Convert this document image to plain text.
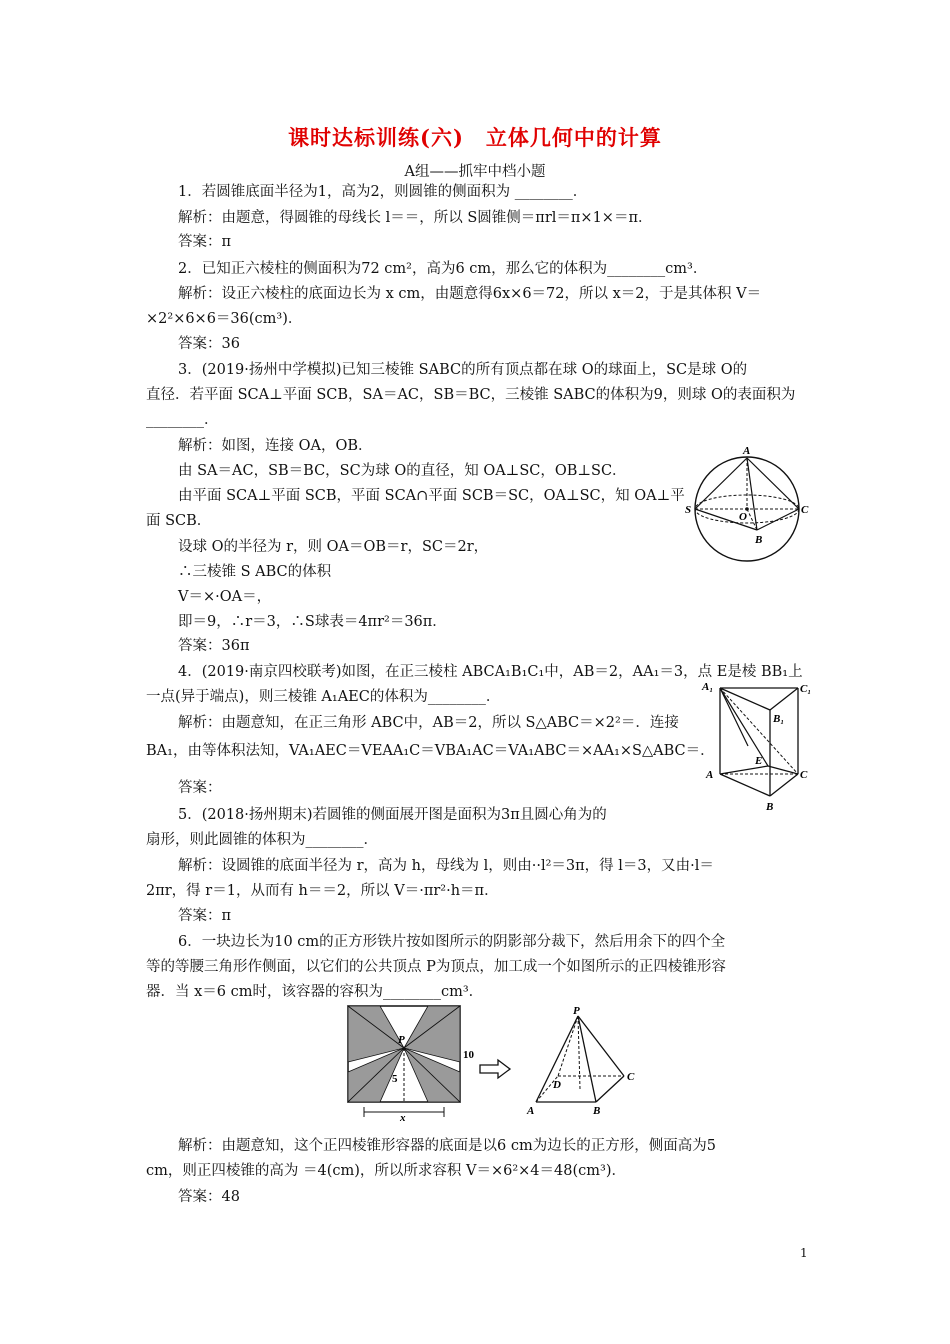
课时达标训练(六)　立体几何中的计算
A组——抓牢中档小题
1．若圆锥底面半径为1，高为2，则圆锥的侧面积为 ________．
解析：由题意，得圆锥的母线长 l＝＝，所以 S圆锥侧＝πrl＝π×1×＝π．
答案：π
2．已知正六棱柱的侧面积为72 cm²，高为6 cm，那么它的体积为________cm³．
解析：设正六棱柱的底面边长为 x cm，由题意得6x×6＝72，所以 x＝2，于是其体积 V＝
×2²×6×6＝36(cm³)．
答案：36
3．(2019·扬州中学模拟)已知三棱锥 SABC的所有顶点都在球 O的球面上，SC是球 O的
直径．若平面 SCA⊥平面 SCB，SA＝AC，SB＝BC，三棱锥 SABC的体积为9，则球 O的表面积为
________．
解析：如图，连接 OA，OB．
由 SA＝AC，SB＝BC，SC为球 O的直径，知 OA⊥SC，OB⊥SC．
由平面 SCA⊥平面 SCB，平面 SCA∩平面 SCB＝SC，OA⊥SC，知 OA⊥平
面 SCB．
设球 O的半径为 r，则 OA＝OB＝r，SC＝2r，
∴三棱锥 S ABC的体积
V＝×·OA＝，
即＝9，∴r＝3，∴S球表＝4πr²＝36π．
答案：36π
4．(2019·南京四校联考)如图，在正三棱柱 ABCA₁B₁C₁中，AB＝2，AA₁＝3，点 E是棱 BB₁上
一点(异于端点)，则三棱锥 A₁AEC的体积为________．
解析：由题意知，在正三角形 ABC中，AB＝2，所以 S△ABC＝×2²＝．连接
BA₁，由等体积法知，VA₁AEC＝VEAA₁C＝VBA₁AC＝VA₁ABC＝×AA₁×S△ABC＝．
答案：
5．(2018·扬州期末)若圆锥的侧面展开图是面积为3π且圆心角为的
扇形，则此圆锥的体积为________．
解析：设圆锥的底面半径为 r，高为 h，母线为 l，则由··l²＝3π，得 l＝3，又由·l＝
2πr，得 r＝1，从而有 h＝＝2，所以 V＝·πr²·h＝π．
答案：π
6．一块边长为10 cm的正方形铁片按如图所示的阴影部分裁下，然后用余下的四个全
等的等腰三角形作侧面，以它们的公共顶点 P为顶点，加工成一个如图所示的正四棱锥形容
器．当 x＝6 cm时，该容器的容积为________cm³．
解析：由题意知，这个正四棱锥形容器的底面是以6 cm为边长的正方形，侧面高为5
cm，则正四棱锥的高为 ＝4(cm)，所以所求容积 V＝×6²×4＝48(cm³)．
答案：48
A
S
O
C
B
A₁	C₁
B₁
E
A	C
B
P
10
5
x
P
D
C
A	B
1
